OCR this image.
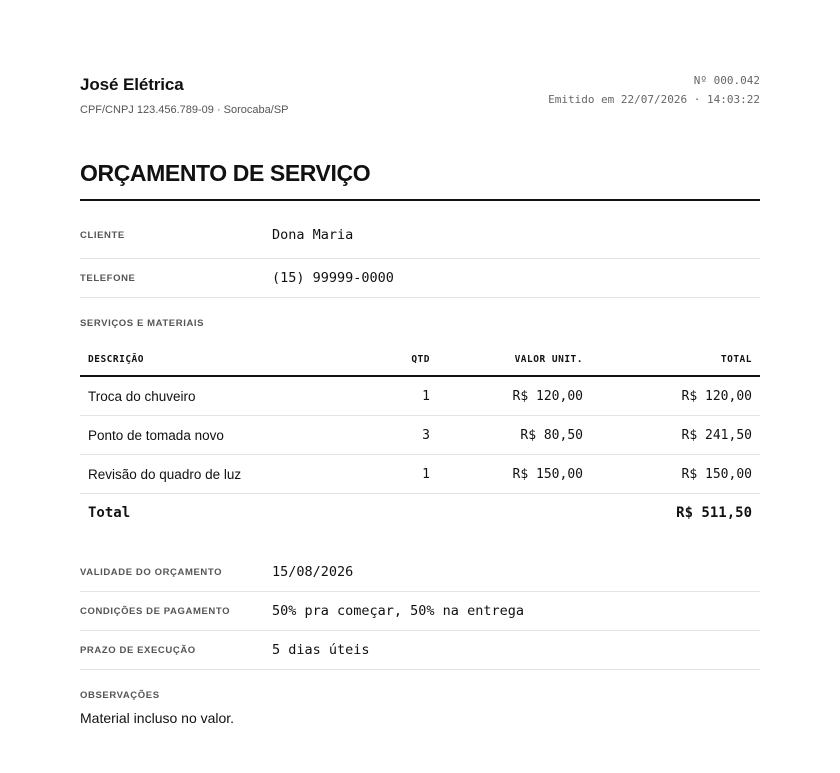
José Elétrica
CPF/CNPJ 123.456.789-09 · Sorocaba/SP
Nº 000.042
Emitido em 22/07/2026 · 14:03:22
ORÇAMENTO DE SERVIÇO
CLIENTE	Dona Maria
TELEFONE	(15) 99999-0000
SERVIÇOS E MATERIAIS
DESCRIÇÃO	QTD	VALOR UNIT.	TOTAL
Troca do chuveiro	1	R$ 120,00	R$ 120,00
Ponto de tomada novo	3	R$ 80,50	R$ 241,50
Revisão do quadro de luz	1	R$ 150,00	R$ 150,00
Total			R$ 511,50
VALIDADE DO ORÇAMENTO	15/08/2026
CONDIÇÕES DE PAGAMENTO	50% pra começar, 50% na entrega
PRAZO DE EXECUÇÃO	5 dias úteis
OBSERVAÇÕES
Material incluso no valor.
